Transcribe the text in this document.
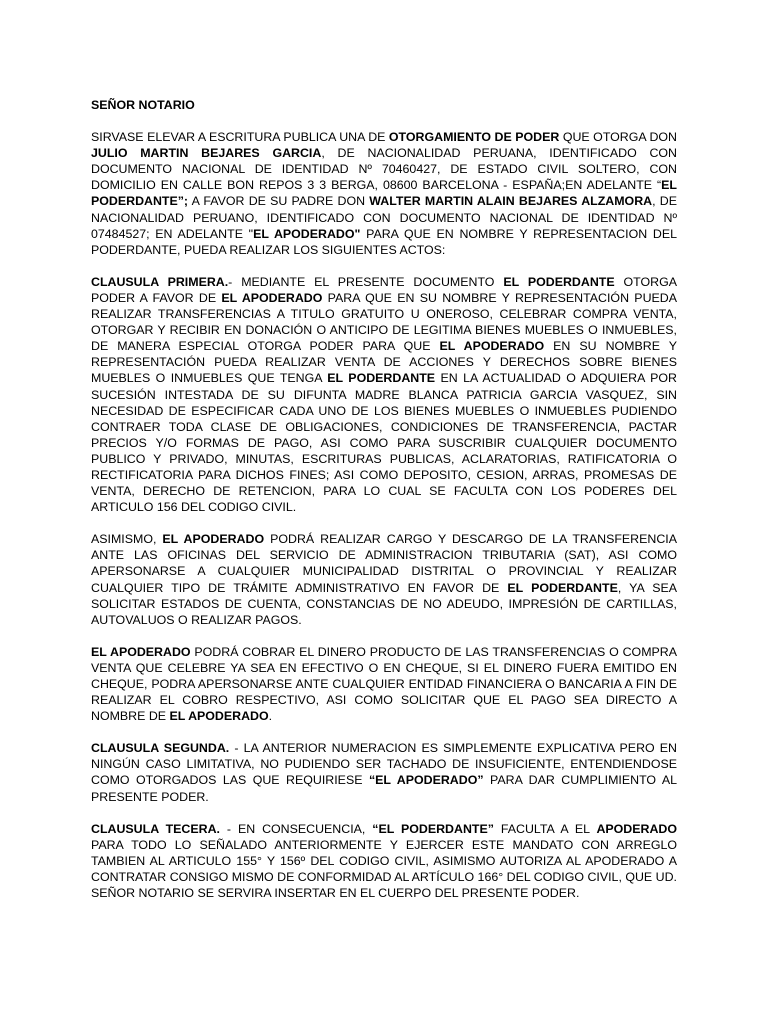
SEÑOR NOTARIO

SIRVASE ELEVAR A ESCRITURA PUBLICA UNA DE OTORGAMIENTO DE PODER QUE OTORGA DON JULIO MARTIN BEJARES GARCIA, DE NACIONALIDAD PERUANA, IDENTIFICADO CON DOCUMENTO NACIONAL DE IDENTIDAD Nº 70460427, DE ESTADO CIVIL SOLTERO, CON DOMICILIO EN CALLE BON REPOS 3 3 BERGA, 08600 BARCELONA - ESPAÑA;EN ADELANTE “EL PODERDANTE”; A FAVOR DE SU PADRE DON WALTER MARTIN ALAIN BEJARES ALZAMORA, DE NACIONALIDAD PERUANO, IDENTIFICADO CON DOCUMENTO NACIONAL DE IDENTIDAD Nº 07484527; EN ADELANTE "EL APODERADO" PARA QUE EN NOMBRE Y REPRESENTACION DEL PODERDANTE, PUEDA REALIZAR LOS SIGUIENTES ACTOS:

CLAUSULA PRIMERA.- MEDIANTE EL PRESENTE DOCUMENTO EL PODERDANTE OTORGA PODER A FAVOR DE EL APODERADO PARA QUE EN SU NOMBRE Y REPRESENTACIÓN PUEDA REALIZAR TRANSFERENCIAS A TITULO GRATUITO U ONEROSO, CELEBRAR COMPRA VENTA, OTORGAR Y RECIBIR EN DONACIÓN O ANTICIPO DE LEGITIMA BIENES MUEBLES O INMUEBLES, DE MANERA ESPECIAL OTORGA PODER PARA QUE EL APODERADO EN SU NOMBRE Y REPRESENTACIÓN PUEDA REALIZAR VENTA DE ACCIONES Y DERECHOS SOBRE BIENES MUEBLES O INMUEBLES QUE TENGA EL PODERDANTE EN LA ACTUALIDAD O ADQUIERA POR SUCESIÓN INTESTADA DE SU DIFUNTA MADRE BLANCA PATRICIA GARCIA VASQUEZ, SIN NECESIDAD DE ESPECIFICAR CADA UNO DE LOS BIENES MUEBLES O INMUEBLES PUDIENDO CONTRAER TODA CLASE DE OBLIGACIONES, CONDICIONES DE TRANSFERENCIA, PACTAR PRECIOS Y/O FORMAS DE PAGO, ASI COMO PARA SUSCRIBIR CUALQUIER DOCUMENTO PUBLICO Y PRIVADO, MINUTAS, ESCRITURAS PUBLICAS, ACLARATORIAS, RATIFICATORIA O RECTIFICATORIA PARA DICHOS FINES; ASI COMO DEPOSITO, CESION, ARRAS, PROMESAS DE VENTA, DERECHO DE RETENCION, PARA LO CUAL SE FACULTA CON LOS PODERES DEL ARTICULO 156 DEL CODIGO CIVIL.

ASIMISMO, EL APODERADO PODRÁ REALIZAR CARGO Y DESCARGO DE LA TRANSFERENCIA ANTE LAS OFICINAS DEL SERVICIO DE ADMINISTRACION TRIBUTARIA (SAT), ASI COMO APERSONARSE A CUALQUIER MUNICIPALIDAD DISTRITAL O PROVINCIAL Y REALIZAR CUALQUIER TIPO DE TRÁMITE ADMINISTRATIVO EN FAVOR DE EL PODERDANTE, YA SEA SOLICITAR ESTADOS DE CUENTA, CONSTANCIAS DE NO ADEUDO, IMPRESIÓN DE CARTILLAS, AUTOVALUOS O REALIZAR PAGOS.

EL APODERADO PODRÁ COBRAR EL DINERO PRODUCTO DE LAS TRANSFERENCIAS O COMPRA VENTA QUE CELEBRE YA SEA EN EFECTIVO O EN CHEQUE, SI EL DINERO FUERA EMITIDO EN CHEQUE, PODRA APERSONARSE ANTE CUALQUIER ENTIDAD FINANCIERA O BANCARIA A FIN DE REALIZAR EL COBRO RESPECTIVO, ASI COMO SOLICITAR QUE EL PAGO SEA DIRECTO A NOMBRE DE EL APODERADO.

CLAUSULA SEGUNDA. - LA ANTERIOR NUMERACION ES SIMPLEMENTE EXPLICATIVA PERO EN NINGÚN CASO LIMITATIVA, NO PUDIENDO SER TACHADO DE INSUFICIENTE, ENTENDIENDOSE COMO OTORGADOS LAS QUE REQUIRIESE “EL APODERADO” PARA DAR CUMPLIMIENTO AL PRESENTE PODER.

CLAUSULA TECERA. - EN CONSECUENCIA, “EL PODERDANTE” FACULTA A EL APODERADO PARA TODO LO SEÑALADO ANTERIORMENTE Y EJERCER ESTE MANDATO CON ARREGLO TAMBIEN AL ARTICULO 155° Y 156º DEL CODIGO CIVIL, ASIMISMO AUTORIZA AL APODERADO A CONTRATAR CONSIGO MISMO DE CONFORMIDAD AL ARTÍCULO 166° DEL CODIGO CIVIL, QUE UD. SEÑOR NOTARIO SE SERVIRA INSERTAR EN EL CUERPO DEL PRESENTE PODER.
